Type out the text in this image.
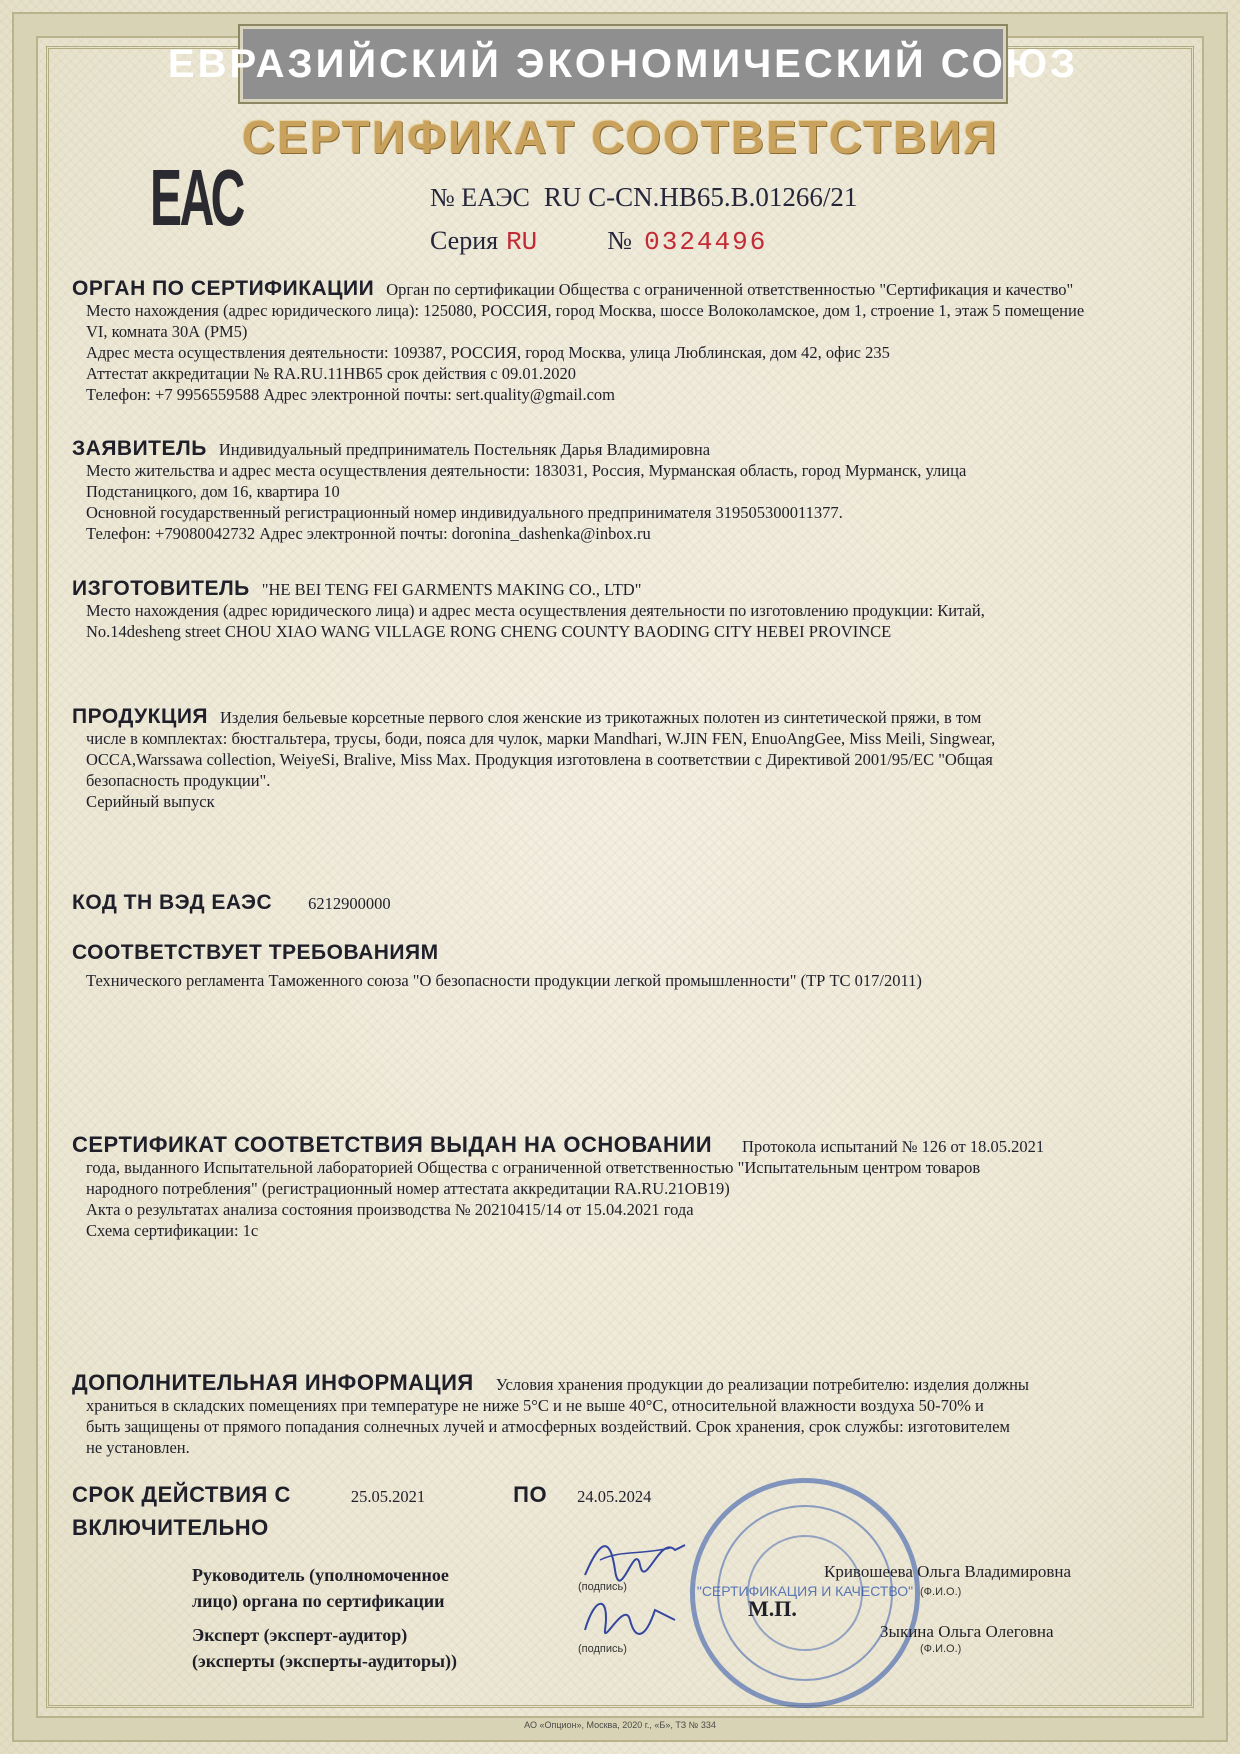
ЕВРАЗИЙСКИЙ ЭКОНОМИЧЕСКИЙ СОЮЗ
СЕРТИФИКАТ СООТВЕТСТВИЯ
ЕАС	№ ЕАЭС RU C-CN.HB65.B.01266/21
Серия RU	№ 0324496
ОРГАН ПО СЕРТИФИКАЦИИ Орган по сертификации Общества с ограниченной ответственностью "Сертификация и качество"
Место нахождения (адрес юридического лица): 125080, РОССИЯ, город Москва, шоссе Волоколамское, дом 1, строение 1, этаж 5 помещение
VI, комната 30А (РМ5)
Адрес места осуществления деятельности: 109387, РОССИЯ, город Москва, улица Люблинская, дом 42, офис 235
Аттестат аккредитации № RA.RU.11HB65 срок действия с 09.01.2020
Телефон: +7 9956559588 Адрес электронной почты: sert.quality@gmail.com
ЗАЯВИТЕЛЬ Индивидуальный предприниматель Постельняк Дарья Владимировна
Место жительства и адрес места осуществления деятельности: 183031, Россия, Мурманская область, город Мурманск, улица
Подстаницкого, дом 16, квартира 10
Основной государственный регистрационный номер индивидуального предпринимателя 319505300011377.
Телефон: +79080042732 Адрес электронной почты: doronina_dashenka@inbox.ru
ИЗГОТОВИТЕЛЬ "HE BEI TENG FEI GARMENTS MAKING CO., LTD"
Место нахождения (адрес юридического лица) и адрес места осуществления деятельности по изготовлению продукции: Китай,
No.14desheng street CHOU XIAO WANG VILLAGE RONG CHENG COUNTY BAODING CITY HEBEI PROVINCE
ПРОДУКЦИЯ Изделия бельевые корсетные первого слоя женские из трикотажных полотен из синтетической пряжи, в том
числе в комплектах: бюстгальтера, трусы, боди, пояса для чулок, марки Mandhari, W.JIN FEN, EnuoAngGee, Miss Meili, Singwear,
OCCA,Warssawa collection, WeiyeSi, Bralive, Miss Max. Продукция изготовлена в соответствии с Директивой 2001/95/ЕС "Общая
безопасность продукции".
Серийный выпуск
КОД ТН ВЭД ЕАЭС 6212900000
СООТВЕТСТВУЕТ ТРЕБОВАНИЯМ
Технического регламента Таможенного союза "О безопасности продукции легкой промышленности" (ТР ТС 017/2011)
СЕРТИФИКАТ СООТВЕТСТВИЯ ВЫДАН НА ОСНОВАНИИ Протокола испытаний № 126 от 18.05.2021
года, выданного Испытательной лабораторией Общества с ограниченной ответственностью "Испытательным центром товаров
народного потребления" (регистрационный номер аттестата аккредитации RA.RU.21OB19)
Акта о результатах анализа состояния производства № 20210415/14 от 15.04.2021 года
Схема сертификации: 1с
ДОПОЛНИТЕЛЬНАЯ ИНФОРМАЦИЯ Условия хранения продукции до реализации потребителю: изделия должны
храниться в складских помещениях при температуре не ниже 5°С и не выше 40°С, относительной влажности воздуха 50-70% и
быть защищены от прямого попадания солнечных лучей и атмосферных воздействий. Срок хранения, срок службы: изготовителем
не установлен.
СРОК ДЕЙСТВИЯ С	25.05.2021	ПО 24.05.2024
ВКЛЮЧИТЕЛЬНО
Руководитель (уполномоченное
лицо) органа по сертификации
Эксперт (эксперт-аудитор)
(эксперты (эксперты-аудиторы))
(подпись)
(подпись)
"СЕРТИФИКАЦИЯ И КАЧЕСТВО"
М.П.
Кривошеева Ольга Владимировна
(Ф.И.О.)
Зыкина Ольга Олеговна
(Ф.И.О.)
АО «Опцион», Москва, 2020 г., «Б», ТЗ № 334
